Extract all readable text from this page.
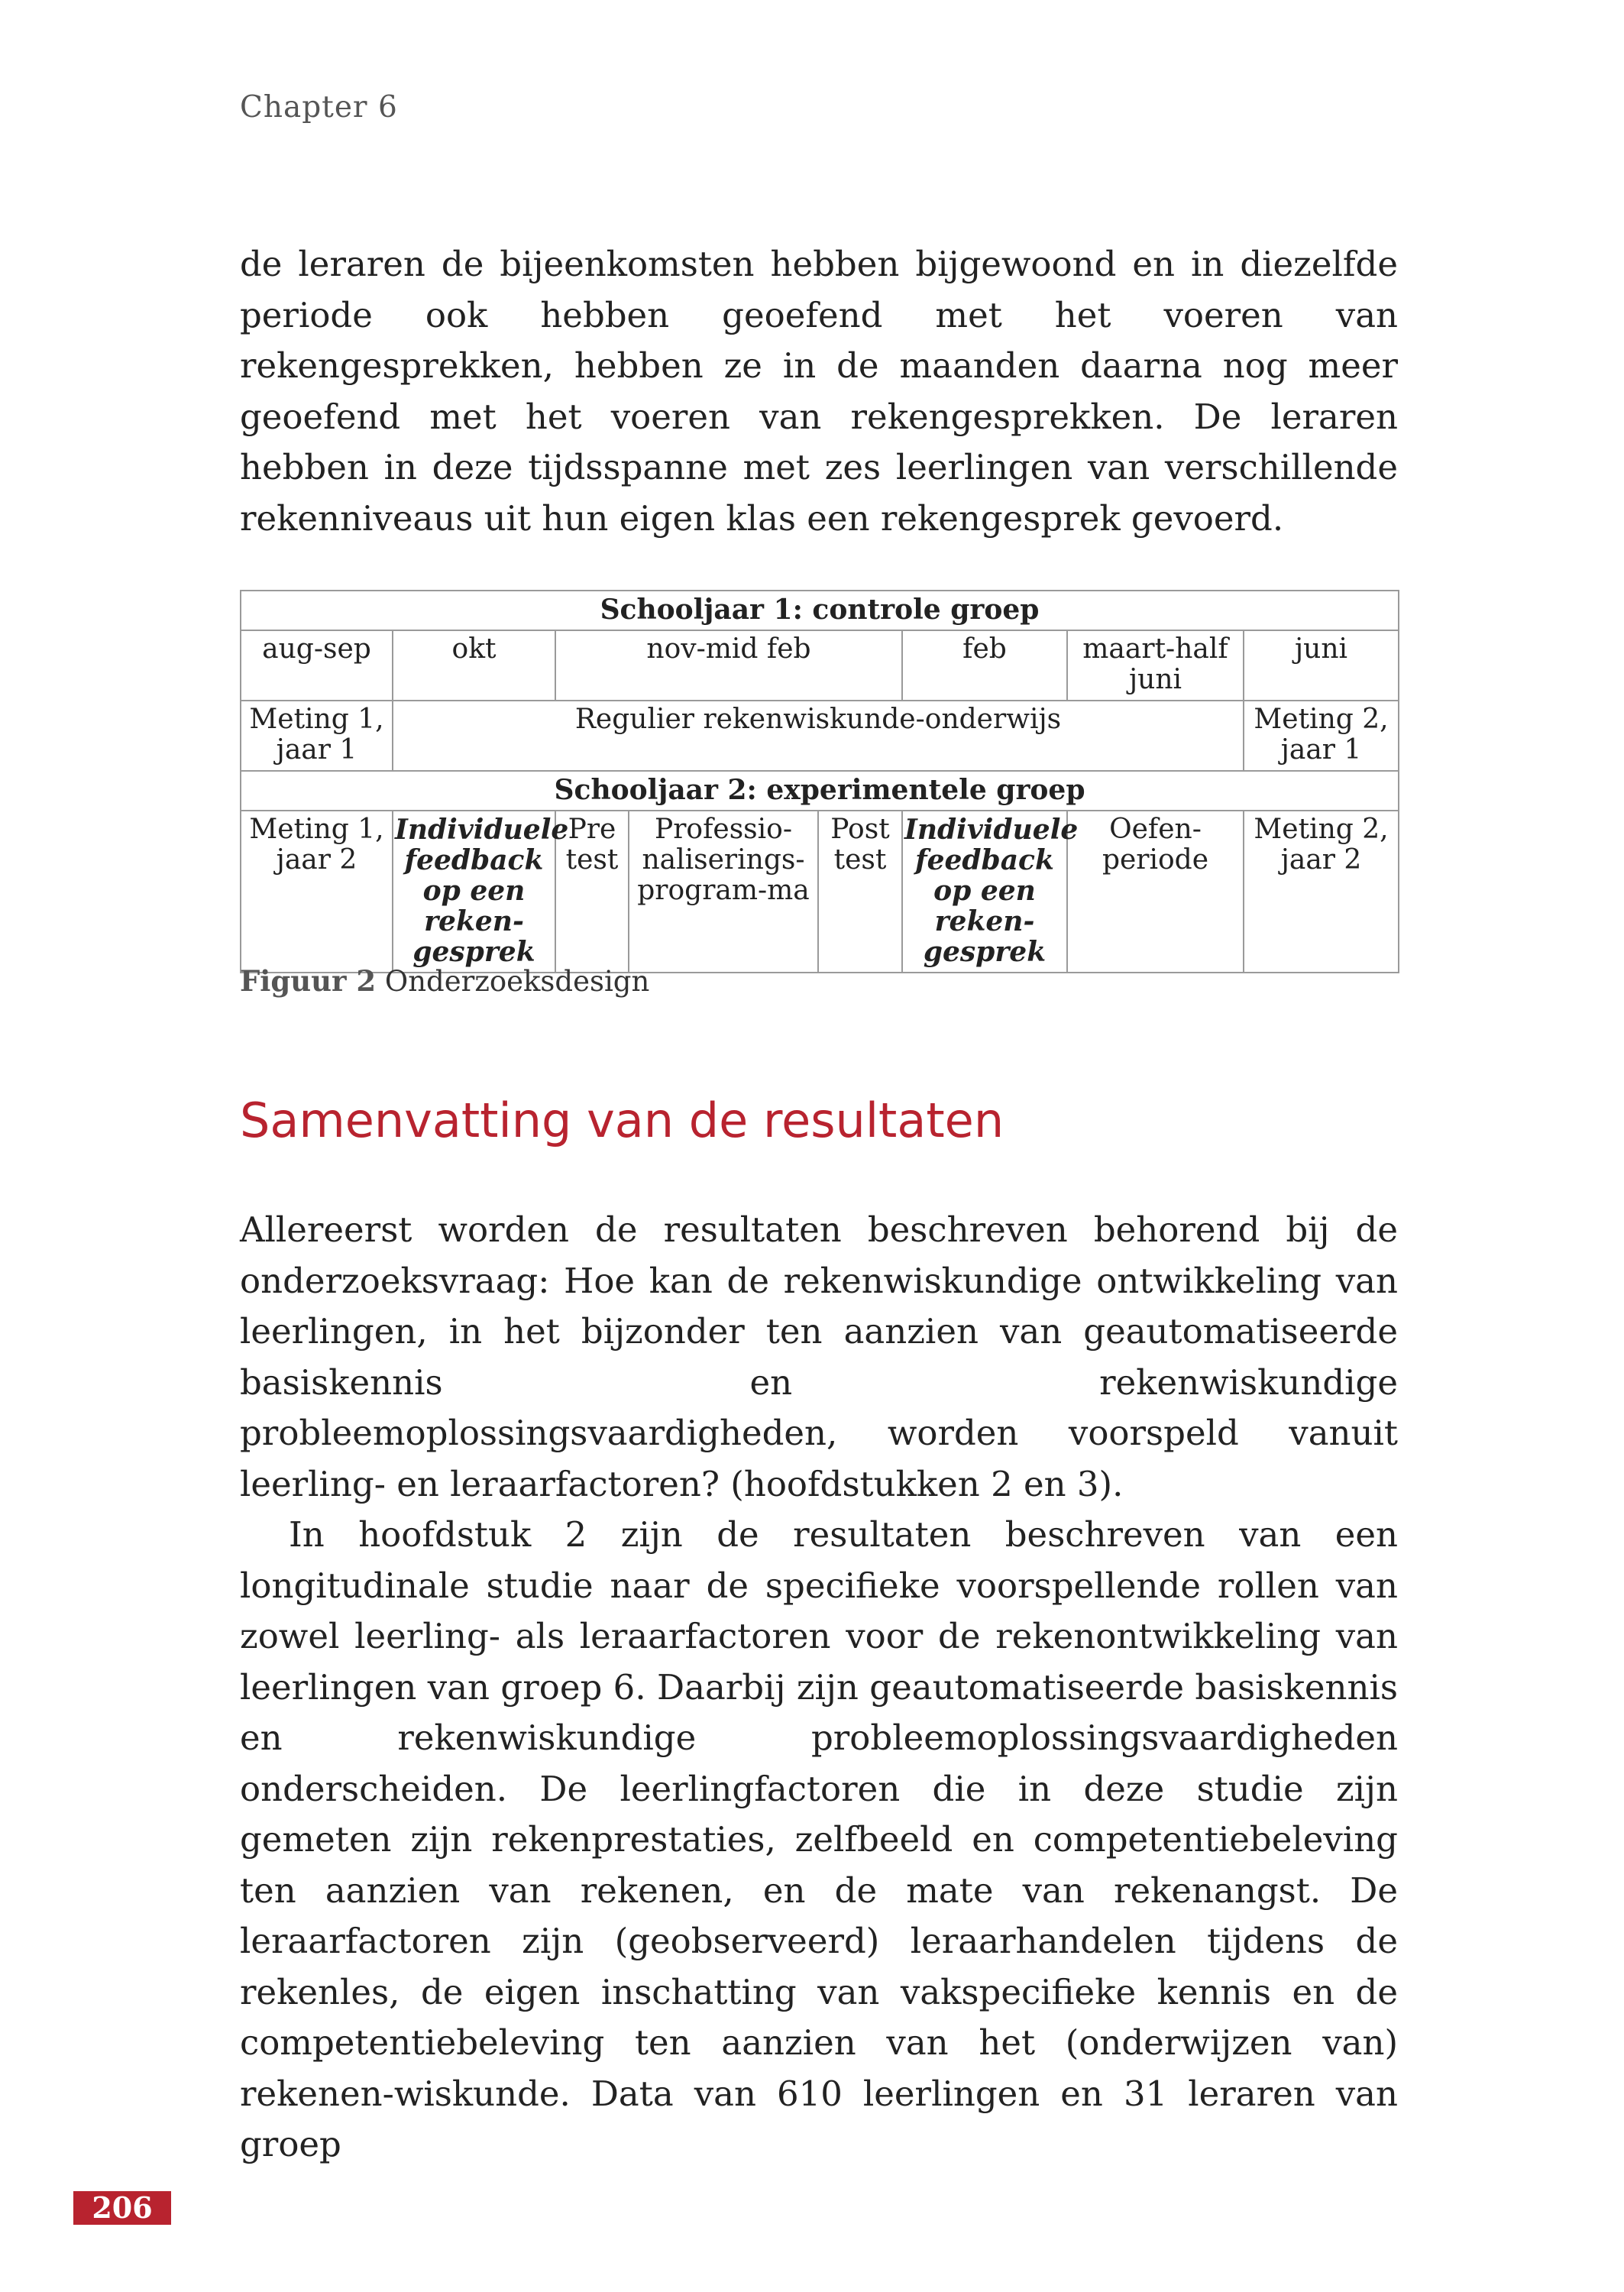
Chapter 6

de leraren de bijeenkomsten hebben bijgewoond en in diezelfde periode ook hebben geoefend met het voeren van rekengesprekken, hebben ze in de maanden daarna nog meer geoefend met het voeren van rekengesprekken. De leraren hebben in deze tijdsspanne met zes leerlingen van verschillende rekenniveaus uit hun eigen klas een rekengesprek gevoerd.

Schooljaar 1: controle groep							
aug-sep	okt	nov-mid feb			feb	maart-half juni	juni
Meting 1, jaar 1	Regulier rekenwiskunde-onderwijs						Meting 2, jaar 1
Schooljaar 2: experimentele groep							
Meting 1, jaar 2	Individuele feedback op een reken-gesprek	Pre test	Professio-naliserings-program-ma	Post test	Individuele feedback op een reken-gesprek	Oefen-periode	Meting 2, jaar 2
Figuur 2 Onderzoeksdesign
Samenvatting van de resultaten

Allereerst worden de resultaten beschreven behorend bij de onderzoeksvraag: Hoe kan de rekenwiskundige ontwikkeling van leerlingen, in het bijzonder ten aanzien van geautomatiseerde basiskennis en rekenwiskundige probleemoplossingsvaardigheden, worden voorspeld vanuit leerling- en leraarfactoren? (hoofdstukken 2 en 3).

In hoofdstuk 2 zijn de resultaten beschreven van een longitudinale studie naar de specifieke voorspellende rollen van zowel leerling- als leraarfactoren voor de rekenontwikkeling van leerlingen van groep 6. Daarbij zijn geautomatiseerde basiskennis en rekenwiskundige probleemoplossingsvaardigheden onderscheiden. De leerlingfactoren die in deze studie zijn gemeten zijn rekenprestaties, zelfbeeld en competentiebeleving ten aanzien van rekenen, en de mate van rekenangst. De leraarfactoren zijn (geobserveerd) leraarhandelen tijdens de rekenles, de eigen inschatting van vakspecifieke kennis en de competentiebeleving ten aanzien van het (onderwijzen van) rekenen-wiskunde. Data van 610 leerlingen en 31 leraren van groep

206
